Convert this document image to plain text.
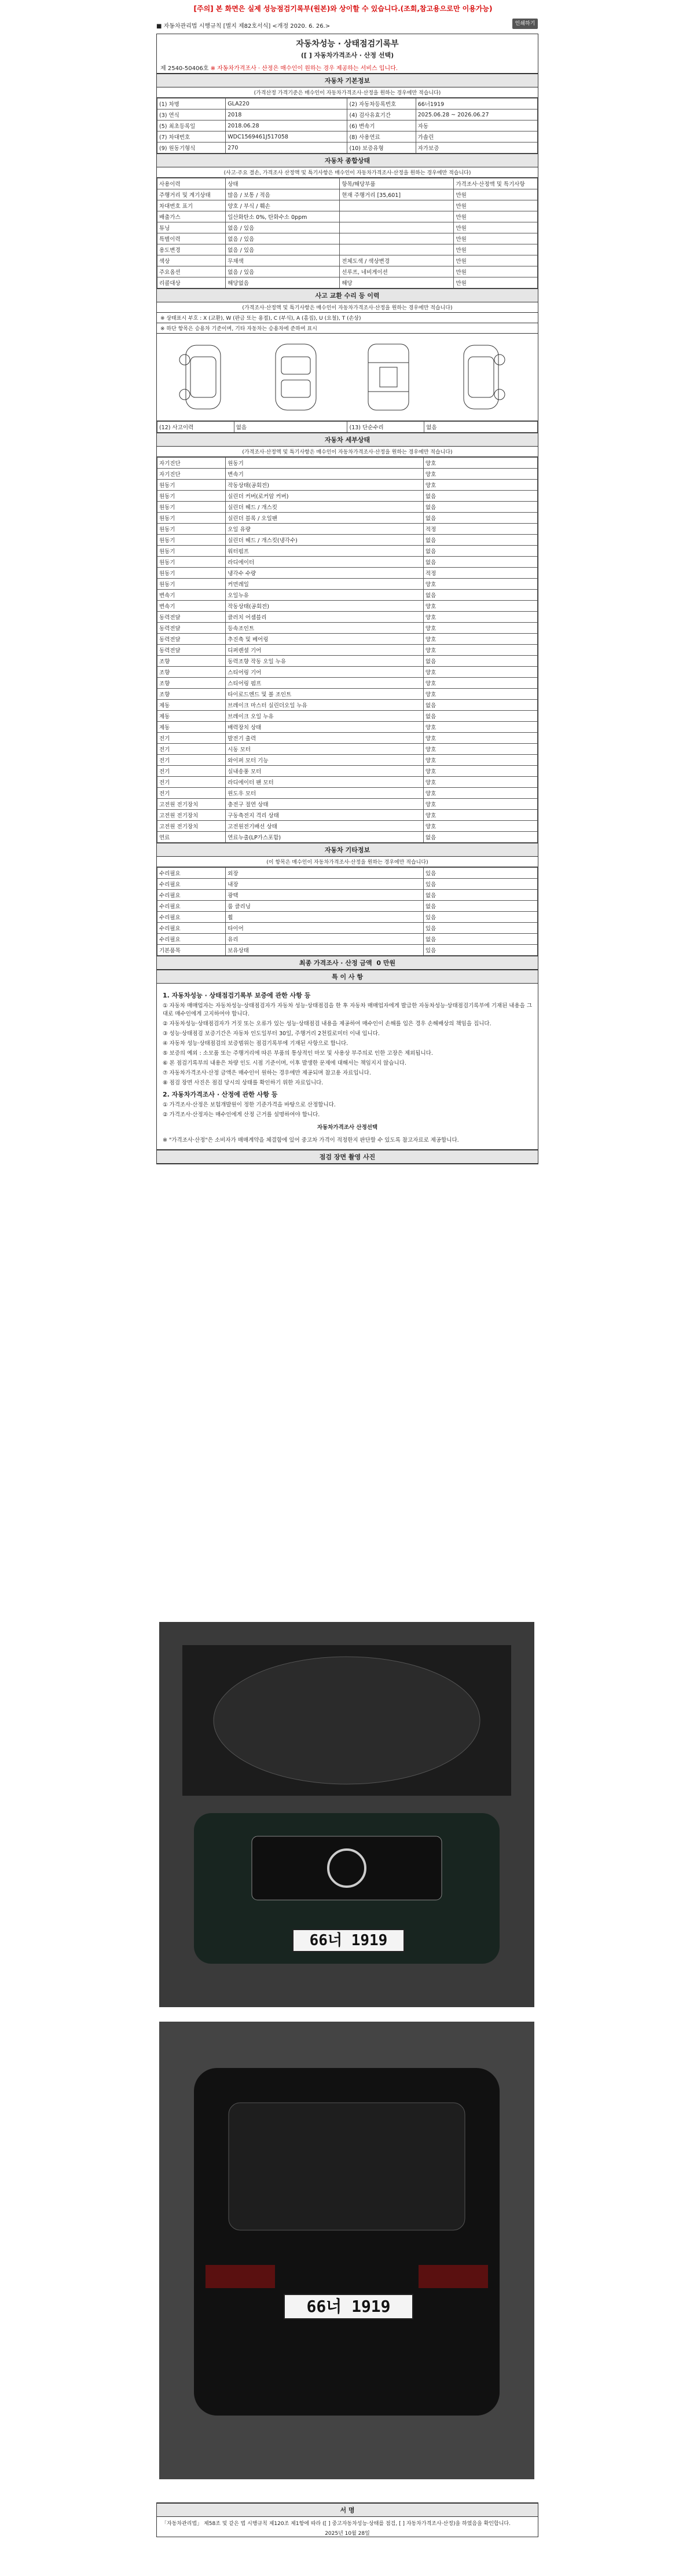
[주의] 본 화면은 실제 성능점검기록부(원본)와 상이할 수 있습니다.(조회,참고용으로만 이용가능)
■ 자동차관리법 시행규칙 [별지 제82호서식] <개정 2020. 6. 26.>	인쇄하기
자동차성능 · 상태점검기록부
([ ] 자동차가격조사 · 산정 선택)
제 2540-50406호 ※ 자동차가격조사 · 산정은 매수인이 원하는 경우 제공하는 서비스 입니다.
자동차 기본정보
(가격산정 가격기준은 매수인이 자동차가격조사·산정을 원하는 경우에만 적습니다)
(1) 차명	GLA220	(2) 자동차등록번호	66너1919
(3) 연식	2018	(4) 검사유효기간	2025.06.28 ~ 2026.06.27
(5) 최초등록일	2018.06.28	(6) 변속기	자동
(7) 차대번호	WDC1569461J517058	(8) 사용연료	가솔린
(9) 원동기형식	270	(10) 보증유형	자가보증
자동차 종합상태
(사고·주요 결손, 가격조사 산정액 및 특기사항은 매수인이 자동차가격조사·산정을 원하는 경우에만 적습니다)
사용이력	상태	항목/해당부품	가격조사·산정액 및 특기사항
주행거리 및 계기상태	많음 / 보통 / 적음	현재 주행거리 [35,601]	만원
차대번호 표기	양호 / 부식 / 훼손		만원
배출가스	일산화탄소 0%, 탄화수소 0ppm		만원
튜닝	없음 / 있음		만원
특별이력	없음 / 있음		만원
용도변경	없음 / 있음		만원
색상	무채색	전체도색 / 색상변경	만원
주요옵션	없음 / 있음	선루프, 네비게이션	만원
리콜대상	해당없음	해당	만원
사고 교환 수리 등 이력
(가격조사·산정액 및 특기사항은 매수인이 자동차가격조사·산정을 원하는 경우에만 적습니다)
※ 상태표시 부호 : X (교환), W (판금 또는 용접), C (부식), A (흠집), U (요철), T (손상)
※ 하단 항목은 승용차 기준이며, 기타 자동차는 승용차에 준하여 표시
(12) 사고이력	없음	(13) 단순수리	없음
자동차 세부상태
(가격조사·산정액 및 특기사항은 매수인이 자동차가격조사·산정을 원하는 경우에만 적습니다)
자기진단	원동기	양호
자기진단	변속기	양호
원동기	작동상태(공회전)	양호
원동기	실린더 커버(로커암 커버)	없음
원동기	실린더 헤드 / 개스킷	없음
원동기	실린더 블록 / 오일팬	없음
원동기	오일 유량	적정
원동기	실린더 헤드 / 개스킷(냉각수)	없음
원동기	워터펌프	없음
원동기	라디에이터	없음
원동기	냉각수 수량	적정
원동기	커먼레일	양호
변속기	오일누유	없음
변속기	작동상태(공회전)	양호
동력전달	클러치 어셈블리	양호
동력전달	등속조인트	양호
동력전달	추진축 및 베어링	양호
동력전달	디퍼렌셜 기어	양호
조향	동력조향 작동 오일 누유	없음
조향	스티어링 기어	양호
조향	스티어링 펌프	양호
조향	타이로드엔드 및 볼 조인트	양호
제동	브레이크 마스터 실린더오일 누유	없음
제동	브레이크 오일 누유	없음
제동	배력장치 상태	양호
전기	발전기 출력	양호
전기	시동 모터	양호
전기	와이퍼 모터 기능	양호
전기	실내송풍 모터	양호
전기	라디에이터 팬 모터	양호
전기	윈도우 모터	양호
고전원 전기장치	충전구 절연 상태	양호
고전원 전기장치	구동축전지 격리 상태	양호
고전원 전기장치	고전원전기배선 상태	양호
연료	연료누출(LP가스포함)	없음
자동차 기타정보
(이 항목은 매수인이 자동차가격조사·산정을 원하는 경우에만 적습니다)
수리필요	외장	있음
수리필요	내장	있음
수리필요	광택	없음
수리필요	룸 클리닝	없음
수리필요	휠	있음
수리필요	타이어	있음
수리필요	유리	없음
기본품목	보유상태	있음
최종 가격조사 · 산정 금액 0 만원
특 이 사 항
1. 자동차성능 · 상태점검기록부 보증에 관한 사항 등
① 자동차 매매업자는 자동차성능·상태점검자가 자동차 성능·상태점검을 한 후 자동차 매매업자에게 발급한 자동차성능·상태점검기록부에 기재된 내용을 그대로 매수인에게 고지하여야 합니다.
② 자동차성능·상태점검자가 거짓 또는 오류가 있는 성능·상태점검 내용을 제공하여 매수인이 손해를 입은 경우 손해배상의 책임을 집니다.
③ 성능·상태점검 보증기간은 자동차 인도일부터 30일, 주행거리 2천킬로미터 이내 입니다.
④ 자동차 성능·상태점검의 보증범위는 점검기록부에 기재된 사항으로 합니다.
⑤ 보증의 예외 : 소모품 또는 주행거리에 따른 부품의 통상적인 마모 및 사용상 부주의로 인한 고장은 제외됩니다.
⑥ 본 점검기록부의 내용은 차량 인도 시점 기준이며, 이후 발생한 문제에 대해서는 책임지지 않습니다.
⑦ 자동차가격조사·산정 금액은 매수인이 원하는 경우에만 제공되며 참고용 자료입니다.
⑧ 점검 장면 사진은 점검 당시의 상태를 확인하기 위한 자료입니다.
2. 자동차가격조사 · 산정에 관한 사항 등
① 가격조사·산정은 보험개발원이 정한 기준가격을 바탕으로 산정합니다.
② 가격조사·산정자는 매수인에게 산정 근거를 설명하여야 합니다.
자동차가격조사 산정선택
※ "가격조사·산정"은 소비자가 매매계약을 체결함에 있어 중고차 가격이 적정한지 판단할 수 있도록 참고자료로 제공합니다.
점검 장면 촬영 사진
66너 1919
66너 1919
서 명
「자동차관리법」 제58조 및 같은 법 시행규칙 제120조 제1항에 따라 ([ ] 중고자동차성능·상태를 점검, [ ] 자동차가격조사·산정)을 하였음을 확인합니다.
2025년 10월 28일
